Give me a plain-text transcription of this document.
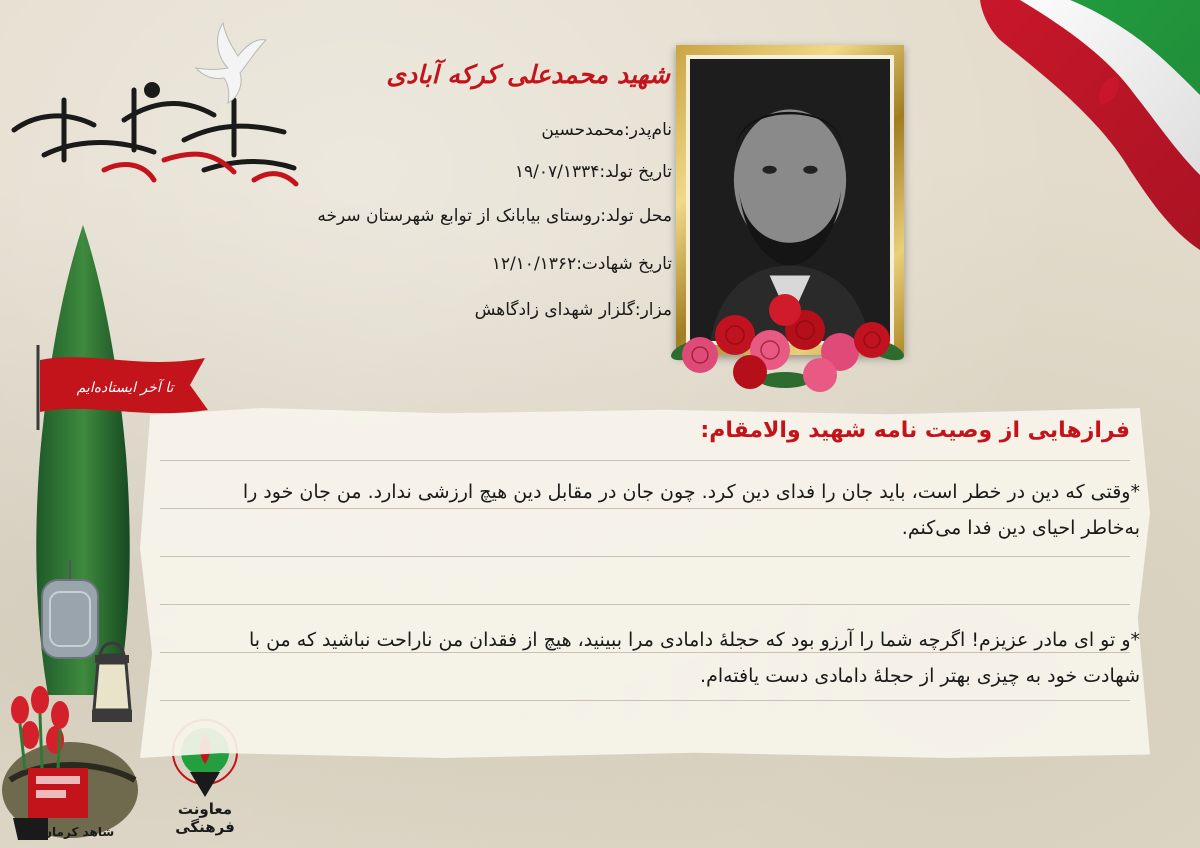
تا آخر ایستاده‌ایم
شاهد کرمان
معاونت فرهنگی
شهید محمدعلی کرکه آبادی
نام‌پدر:محمدحسین
تاریخ تولد:۱۹/۰۷/۱۳۳۴
محل تولد:روستای بیابانک از توابع شهرستان سرخه
تاریخ شهادت:۱۲/۱۰/۱۳۶۲
مزار:گلزار شهدای زادگاهش
فرازهایی از وصیت نامه شهید والامقام:
*وقتی که دین در خطر است، باید جان را فدای دین کرد. چون جان در مقابل دین هیچ ارزشی ندارد. من جان خود را به‌خاطر احیای دین فدا می‌کنم.
*و تو ای مادر عزیزم! اگرچه شما را آرزو بود که حجلۀ دامادی مرا ببینید، هیچ از فقدان من ناراحت نباشید که من با شهادت خود به چیزی بهتر از حجلۀ دامادی دست یافته‌ام.
